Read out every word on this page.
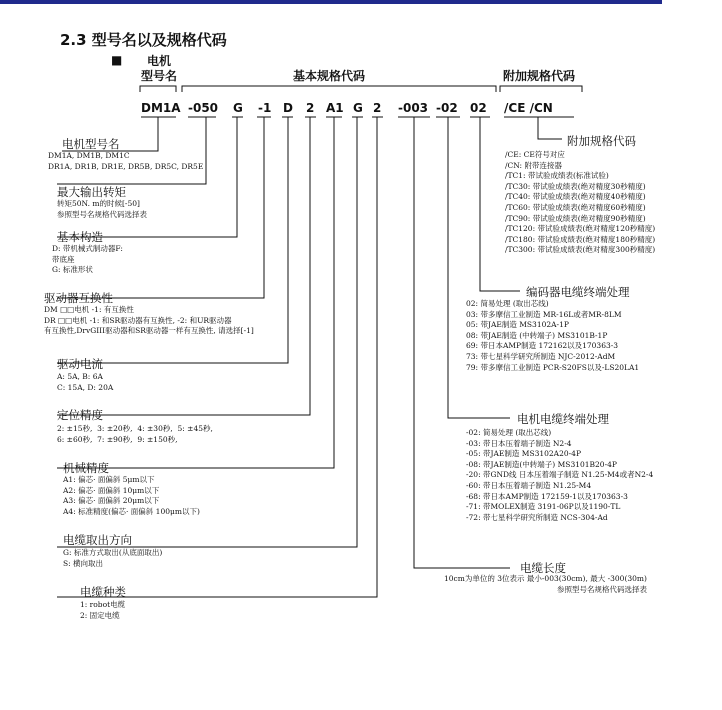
2.3 型号名以及规格代码
■ 电机
型号名	基本规格代码	附加规格代码
DM1A -050 G -1 D 2 A1 G 2 -003 -02 02 /CE /CN
电机型号名
DM1A, DM1B, DM1C
DR1A, DR1B, DR1E, DR5B, DR5C, DR5E
最大输出转矩
转矩50N. m的时候[-50]
参照型号名规格代码选择表
基本构造
D: 带机械式制动器F:
带底座
G: 标准形状
驱动器互换性
DM □□电机 -1: 有互换性
DR □□电机 -1: 和SR驱动器有互换性, -2: 和UR驱动器
有互换性,DrvGIII驱动器和SR驱动器一样有互换性, 请选择[-1]
驱动电流
A: 5A, B: 6A
C: 15A, D: 20A
定位精度
2: ±15秒,  3: ±20秒,  4: ±30秒,  5: ±45秒,
6: ±60秒,  7: ±90秒,  9: ±150秒,
机械精度
A1: 偏芯· 面偏斜 5μm以下
A2: 偏芯· 面偏斜 10μm以下
A3: 偏芯· 面偏斜 20μm以下
A4: 标准精度(偏芯· 面偏斜 100μm以下)
电缆取出方向
G: 标准方式取出(从底面取出)
S: 横向取出
电缆种类
1: robot电缆
2: 固定电缆
附加规格代码
/CE: CE符号对应
/CN: 附带连接器
/TC1: 带试验成绩表(标准试验)
/TC30: 带试验成绩表(绝对精度30秒精度)
/TC40: 带试验成绩表(绝对精度40秒精度)
/TC60: 带试验成绩表(绝对精度60秒精度)
/TC90: 带试验成绩表(绝对精度90秒精度)
/TC120: 带试验成绩表(绝对精度120秒精度)
/TC180: 带试验成绩表(绝对精度180秒精度)
/TC300: 带试验成绩表(绝对精度300秒精度)
编码器电缆终端处理
02: 简易处理 (取出芯线)
03: 带多摩信工业制造 MR-16L或者MR-8LM
05: 带JAE制造 MS3102A-1P
08: 带JAE制造 (中转端子) MS3101B-1P
69: 带日本AMP制造 172162以及170363-3
73: 带七星科学研究所制造 NJC-2012-AdM
79: 带多摩信工业制造 PCR-S20FS以及-LS20LA1
电机电缆终端处理
-02: 简易处理 (取出芯线)
-03: 带日本压着端子制造 N2-4
-05: 带JAE制造 MS3102A20-4P
-08: 带JAE制造(中转端子) MS3101B20-4P
-20: 带GND线 日本压着端子制造 N1.25-M4或者N2-4
-60: 带日本压着端子制造 N1.25-M4
-68: 带日本AMP制造 172159-1以及170363-3
-71: 带MOLEX制造 3191-06P以及1190-TL
-72: 带七星科学研究所制造 NCS-304-Ad
电缆长度
10cm为单位的 3位表示 最小-003(30cm), 最大 -300(30m)
参照型号名规格代码选择表
